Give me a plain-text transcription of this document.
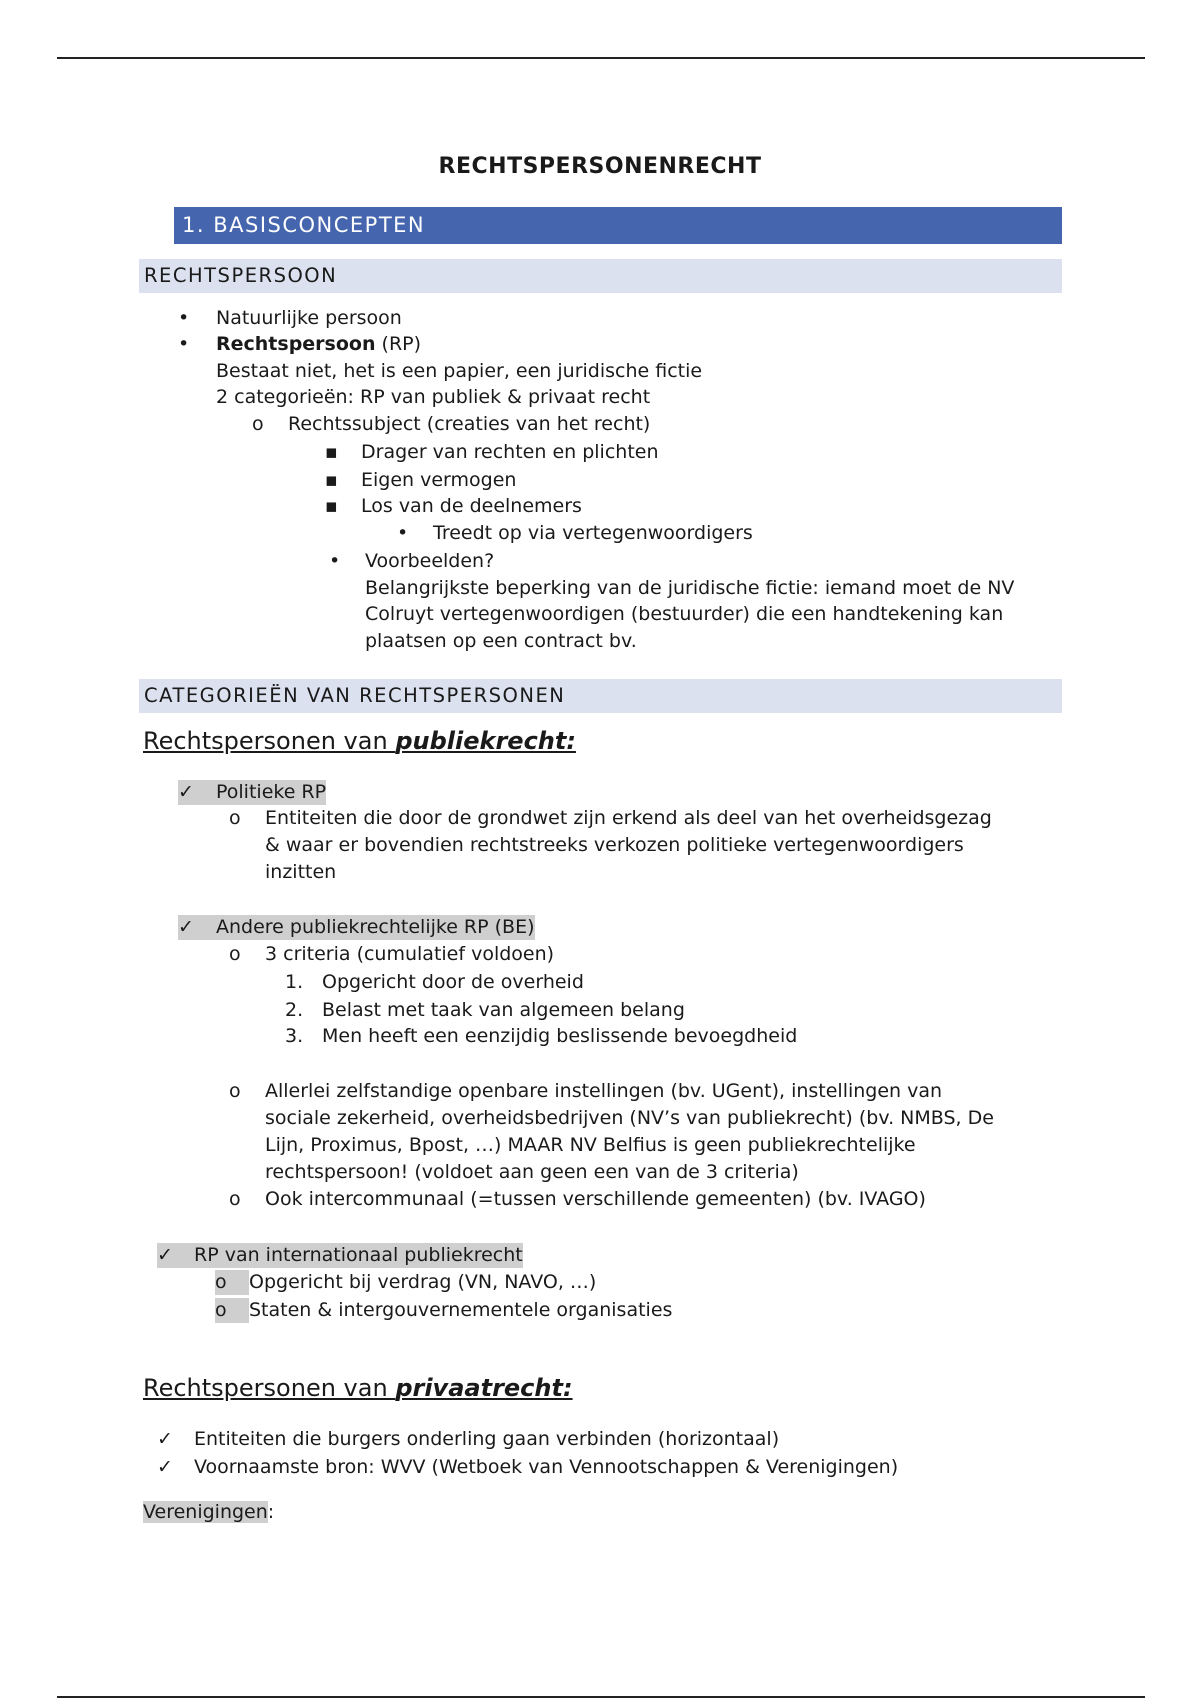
RECHTSPERSONENRECHT
1. BASISCONCEPTEN
RECHTSPERSOON
• Natuurlijke persoon
• Rechtspersoon (RP)
Bestaat niet, het is een papier, een juridische fictie
2 categorieën: RP van publiek & privaat recht
o Rechtssubject (creaties van het recht)
▪ Drager van rechten en plichten
▪ Eigen vermogen
▪ Los van de deelnemers
• Treedt op via vertegenwoordigers
• Voorbeelden?
Belangrijkste beperking van de juridische fictie: iemand moet de NV
Colruyt vertegenwoordigen (bestuurder) die een handtekening kan
plaatsen op een contract bv.
CATEGORIEËN VAN RECHTSPERSONEN
Rechtspersonen van publiekrecht:
✓ Politieke RP
o Entiteiten die door de grondwet zijn erkend als deel van het overheidsgezag
& waar er bovendien rechtstreeks verkozen politieke vertegenwoordigers
inzitten
✓ Andere publiekrechtelijke RP (BE)
o 3 criteria (cumulatief voldoen)
1. Opgericht door de overheid
2. Belast met taak van algemeen belang
3. Men heeft een eenzijdig beslissende bevoegdheid
o Allerlei zelfstandige openbare instellingen (bv. UGent), instellingen van
sociale zekerheid, overheidsbedrijven (NV’s van publiekrecht) (bv. NMBS, De
Lijn, Proximus, Bpost, …) MAAR NV Belfius is geen publiekrechtelijke
rechtspersoon! (voldoet aan geen een van de 3 criteria)
o Ook intercommunaal (=tussen verschillende gemeenten) (bv. IVAGO)
✓ RP van internationaal publiekrecht
o Opgericht bij verdrag (VN, NAVO, …)
o Staten & intergouvernementele organisaties
Rechtspersonen van privaatrecht:
✓ Entiteiten die burgers onderling gaan verbinden (horizontaal)
✓ Voornaamste bron: WVV (Wetboek van Vennootschappen & Verenigingen)
Verenigingen:
